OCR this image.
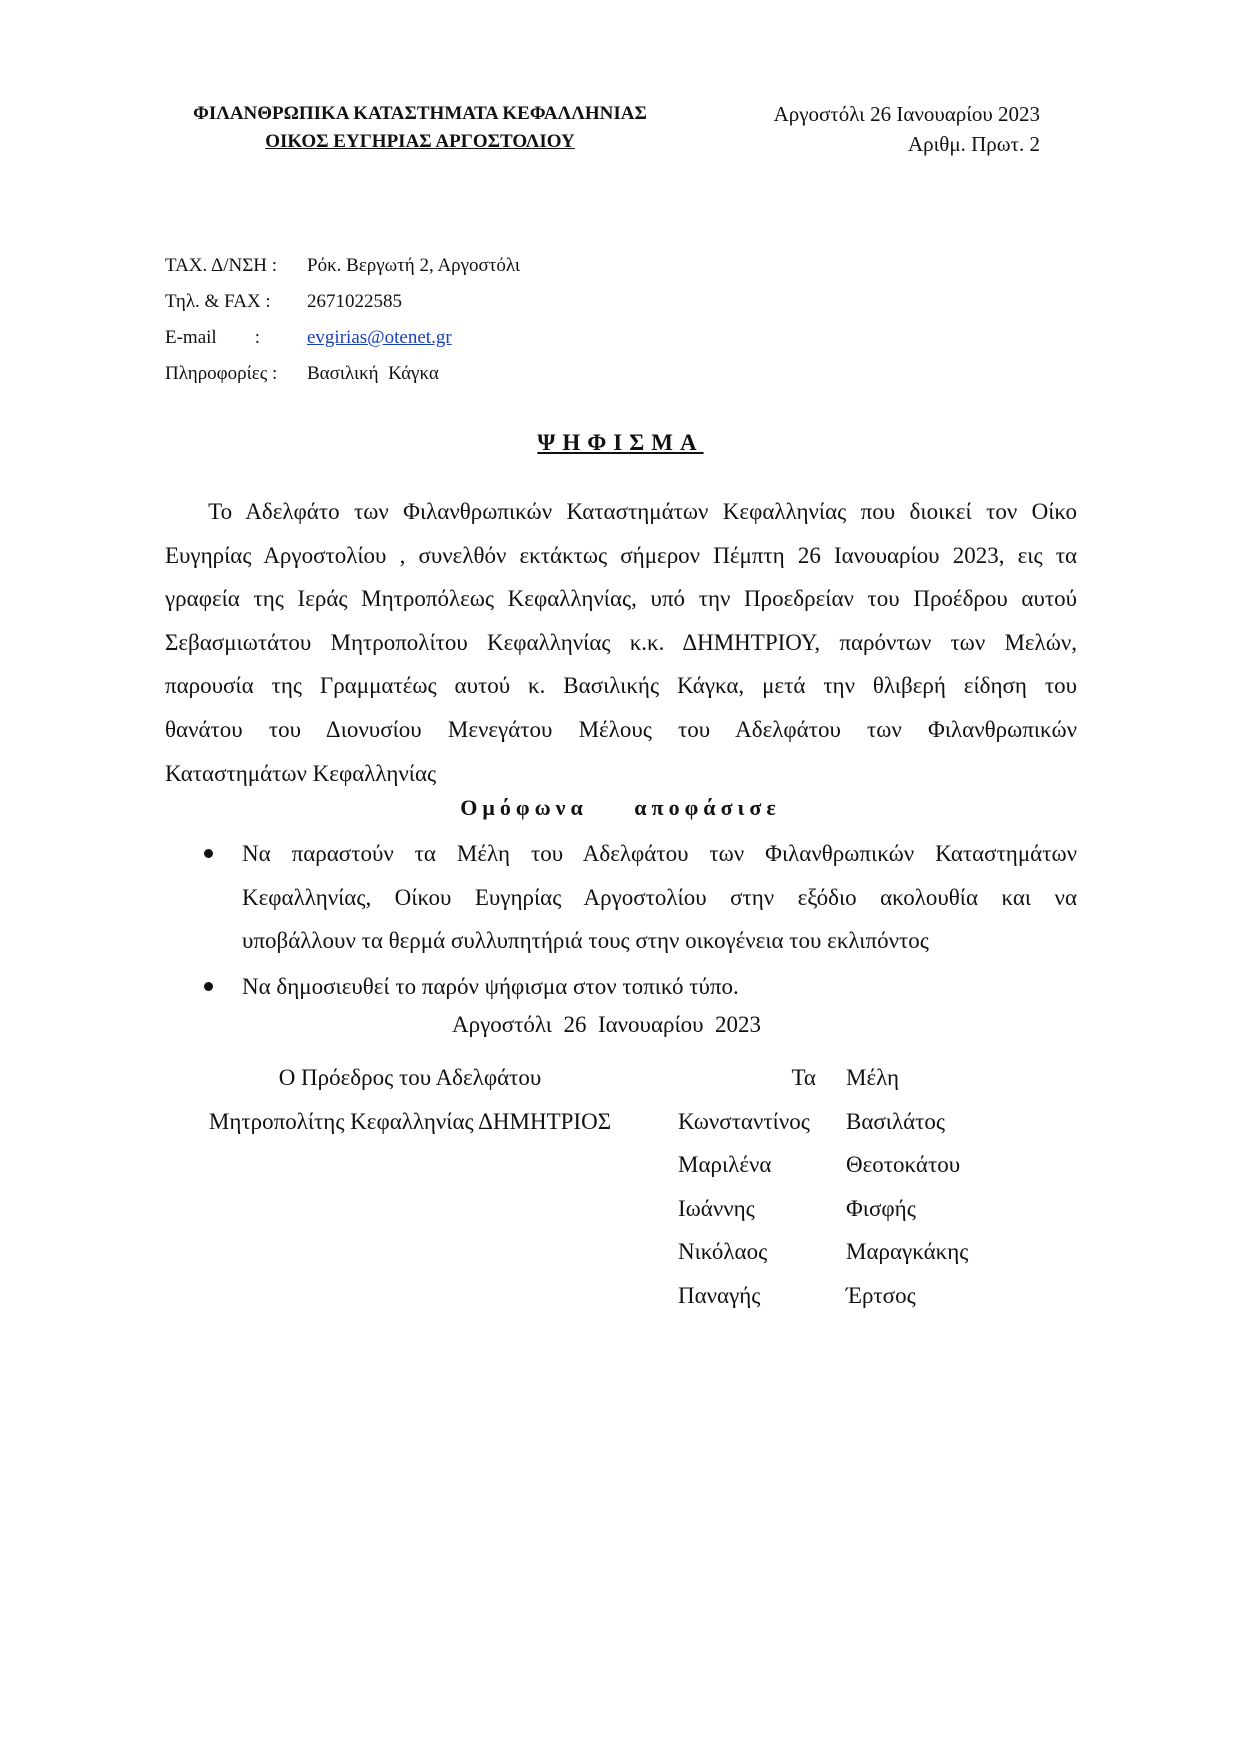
ΦΙΛΑΝΘΡΩΠΙΚΑ ΚΑΤΑΣΤΗΜΑΤΑ ΚΕΦΑΛΛΗΝΙΑΣ
ΟΙΚΟΣ ΕΥΓΗΡΙΑΣ ΑΡΓΟΣΤΟΛΙΟΥ
Αργοστόλι 26 Ιανουαρίου 2023
Αριθμ. Πρωτ. 2
ΤΑΧ. Δ/ΝΣΗ :	Ρόκ. Βεργωτή 2, Αργοστόλι
Τηλ. & FAX :	2671022585
E-mail        :	evgirias@otenet.gr
Πληροφορίες :	Βασιλική  Κάγκα
ΨΗΦΙΣΜΑ
Το Αδελφάτο των Φιλανθρωπικών Καταστημάτων Κεφαλληνίας που διοικεί τον Οίκο
Ευγηρίας Αργοστολίου , συνελθόν εκτάκτως σήμερον Πέμπτη 26 Ιανουαρίου 2023, εις τα
γραφεία της Ιεράς Μητροπόλεως Κεφαλληνίας, υπό την Προεδρείαν του Προέδρου αυτού
Σεβασμιωτάτου Μητροπολίτου Κεφαλληνίας κ.κ. ΔΗΜΗΤΡΙΟΥ, παρόντων των Μελών,
παρουσία της Γραμματέως αυτού κ. Βασιλικής Κάγκα, μετά την θλιβερή είδηση του
θανάτου του Διονυσίου Μενεγάτου Μέλους του Αδελφάτου των Φιλανθρωπικών
Καταστημάτων Κεφαλληνίας
Ομόφωνα αποφάσισε
Να παραστούν τα Μέλη του Αδελφάτου των Φιλανθρωπικών Καταστημάτων
Κεφαλληνίας, Οίκου Ευγηρίας Αργοστολίου στην εξόδιο ακολουθία και να
υποβάλλουν τα θερμά συλλυπητήριά τους στην οικογένεια του εκλιπόντος
Να δημοσιευθεί το παρόν ψήφισμα στον τοπικό τύπο.
Αργοστόλι  26  Ιανουαρίου  2023
Ο Πρόεδρος του Αδελφάτου
Μητροπολίτης Κεφαλληνίας ΔΗΜΗΤΡΙΟΣ
Τα	Μέλη
Κωνσταντίνος	Βασιλάτος
Μαριλένα	Θεοτοκάτου
Ιωάννης	Φισφής
Νικόλαος	Μαραγκάκης
Παναγής	Έρτσος
